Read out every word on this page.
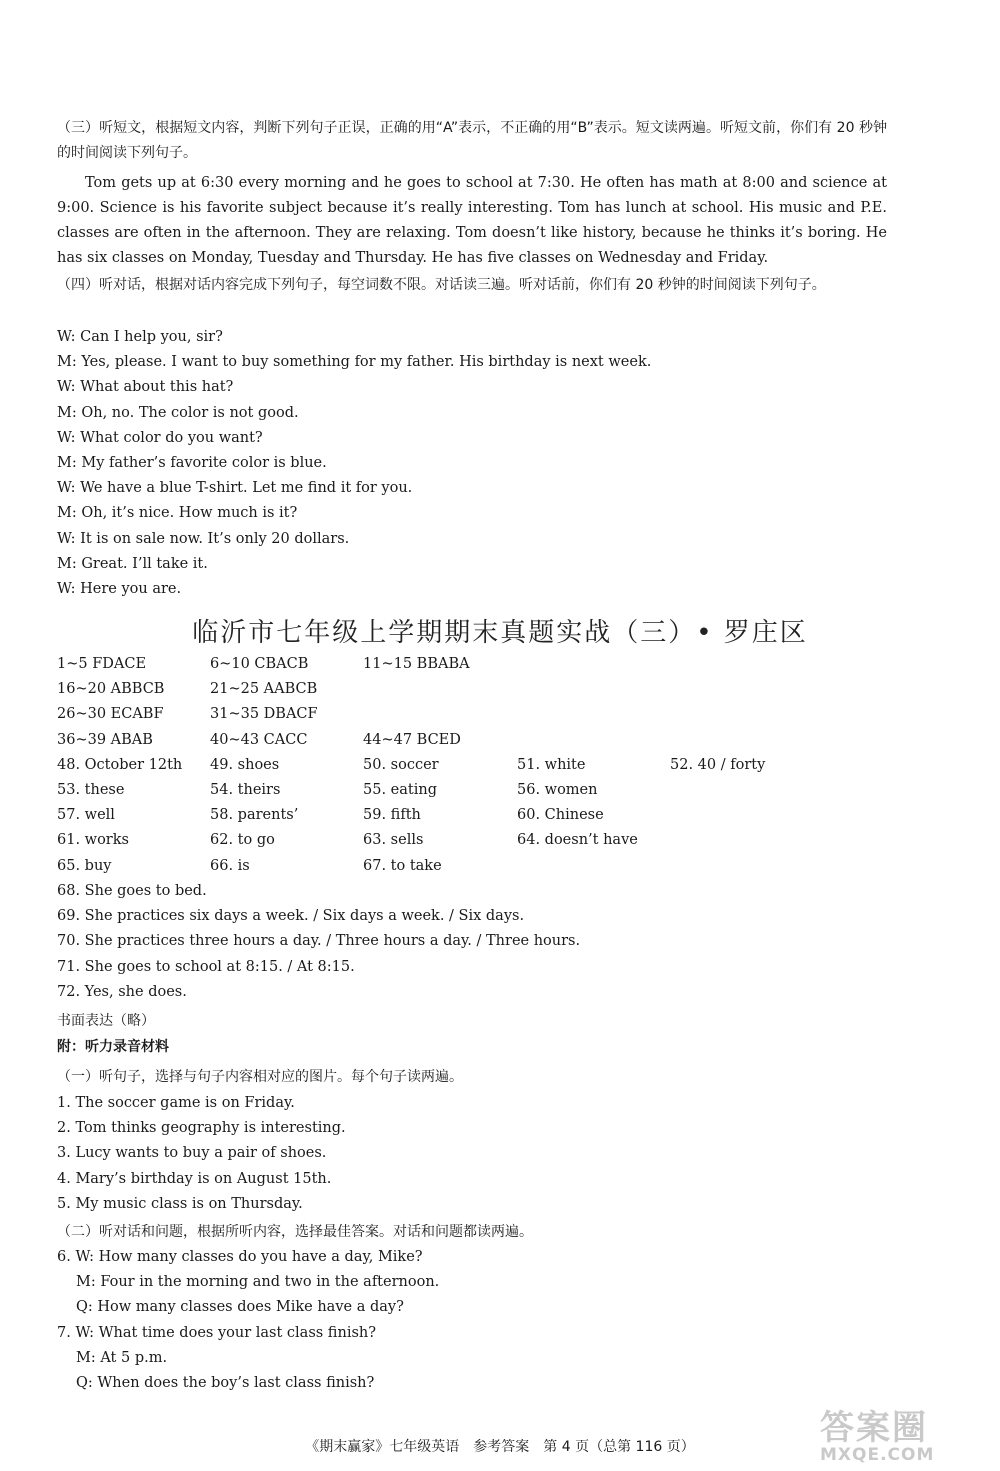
（三）听短文，根据短文内容，判断下列句子正误，正确的用“A”表示，不正确的用“B”表示。短文读两遍。听短文前，你们有 20 秒钟的时间阅读下列句子。
Tom gets up at 6:30 every morning and he goes to school at 7:30. He often has math at 8:00 and science at 9:00. Science is his favorite subject because it’s really interesting. Tom has lunch at school. His music and P.E. classes are often in the afternoon. They are relaxing. Tom doesn’t like history, because he thinks it’s boring. He has six classes on Monday, Tuesday and Thursday. He has five classes on Wednesday and Friday.
（四）听对话，根据对话内容完成下列句子，每空词数不限。对话读三遍。听对话前，你们有 20 秒钟的时间阅读下列句子。
W: Can I help you, sir?
M: Yes, please. I want to buy something for my father. His birthday is next week.
W: What about this hat?
M: Oh, no. The color is not good.
W: What color do you want?
M: My father’s favorite color is blue.
W: We have a blue T-shirt. Let me find it for you.
M: Oh, it’s nice. How much is it?
W: It is on sale now. It’s only 20 dollars.
M: Great. I’ll take it.
W: Here you are.
临沂市七年级上学期期末真题实战（三）• 罗庄区
1~5 FDACE	6~10 CBACB	11~15 BBABA
16~20 ABBCB	21~25 AABCB
26~30 ECABF	31~35 DBACF
36~39 ABAB	40~43 CACC	44~47 BCED
48. October 12th 49. shoes	50. soccer	51. white	52. 40 / forty
53. these	54. theirs	55. eating	56. women
57. well	58. parents’	59. fifth	60. Chinese
61. works	62. to go	63. sells	64. doesn’t have
65. buy	66. is	67. to take
68. She goes to bed.
69. She practices six days a week. / Six days a week. / Six days.
70. She practices three hours a day. / Three hours a day. / Three hours.
71. She goes to school at 8:15. / At 8:15.
72. Yes, she does.
书面表达（略）
附：听力录音材料
（一）听句子，选择与句子内容相对应的图片。每个句子读两遍。
1. The soccer game is on Friday.
2. Tom thinks geography is interesting.
3. Lucy wants to buy a pair of shoes.
4. Mary’s birthday is on August 15th.
5. My music class is on Thursday.
（二）听对话和问题，根据所听内容，选择最佳答案。对话和问题都读两遍。
6. W: How many classes do you have a day, Mike?
M: Four in the morning and two in the afternoon.
Q: How many classes does Mike have a day?
7. W: What time does your last class finish?
M: At 5 p.m.
Q: When does the boy’s last class finish?
《期末赢家》七年级英语　参考答案　第 4 页（总第 116 页）	答案圈
MXQE.COM
